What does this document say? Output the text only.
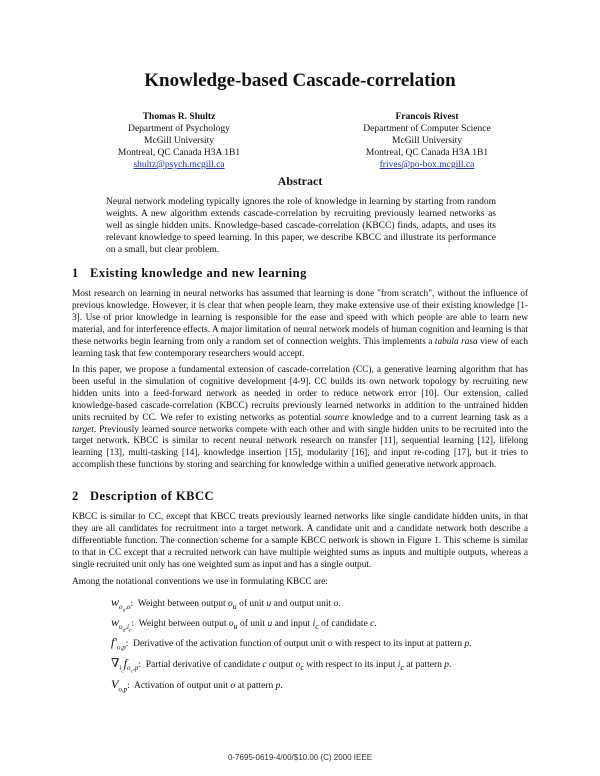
Knowledge-based Cascade-correlation
Thomas R. Shultz
Department of Psychology
McGill University
Montreal, QC Canada H3A 1B1
shultz@psych.mcgill.ca
Francois Rivest
Department of Computer Science
McGill University
Montreal, QC Canada H3A 1B1
frives@po-box.mcgill.ca
Abstract

Neural network modeling typically ignores the role of knowledge in learning by starting from random weights. A new algorithm extends cascade-correlation by recruiting previously learned networks as well as single hidden units. Knowledge-based cascade-correlation (KBCC) finds, adapts, and uses its relevant knowledge to speed learning. In this paper, we describe KBCC and illustrate its performance on a small, but clear problem.

1 Existing knowledge and new learning

Most research on learning in neural networks has assumed that learning is done "from scratch", without the influence of previous knowledge. However, it is clear that when people learn, they make extensive use of their existing knowledge [1-3]. Use of prior knowledge in learning is responsible for the ease and speed with which people are able to learn new material, and for interference effects. A major limitation of neural network models of human cognition and learning is that these networks begin learning from only a random set of connection weights. This implements a tabula rasa view of each learning task that few contemporary researchers would accept.

In this paper, we propose a fundamental extension of cascade-correlation (CC), a generative learning algorithm that has been useful in the simulation of cognitive development [4-9]. CC builds its own network topology by recruiting new hidden units into a feed-forward network as needed in order to reduce network error [10]. Our extension, called knowledge-based cascade-correlation (KBCC) recruits previously learned networks in addition to the untrained hidden units recruited by CC. We refer to existing networks as potential source knowledge and to a current learning task as a target. Previously learned source networks compete with each other and with single hidden units to be recruited into the target network. KBCC is similar to recent neural network research on transfer [11], sequential learning [12], lifelong learning [13], multi-tasking [14], knowledge insertion [15], modularity [16], and input re-coding [17], but it tries to accomplish these functions by storing and searching for knowledge within a unified generative network approach.

2 Description of KBCC

KBCC is similar to CC, except that KBCC treats previously learned networks like single candidate hidden units, in that they are all candidates for recruitment into a target network. A candidate unit and a candidate network both describe a differentiable function. The connection scheme for a sample KBCC network is shown in Figure 1. This scheme is similar to that in CC except that a recruited network can have multiple weighted sums as inputs and multiple outputs, whereas a single recruited unit only has one weighted sum as input and has a single output.

Among the notational conventions we use in formulating KBCC are:

$w_{o_u,o}$: Weight between output $o_u$ of unit u and output unit o.
$w_{o_u,i_c}$: Weight between output $o_u$ of unit u and input $i_c$ of candidate c.
$f'_{o,p}$: Derivative of the activation function of output unit o with respect to its input at pattern p.
$\nabla_{i_c}f_{o_c,p}$: Partial derivative of candidate c output $o_c$ with respect to its input $i_c$ at pattern p.
$V_{o,p}$: Activation of output unit o at pattern p.
0-7695-0619-4/00/$10.00 (C) 2000 IEEE
